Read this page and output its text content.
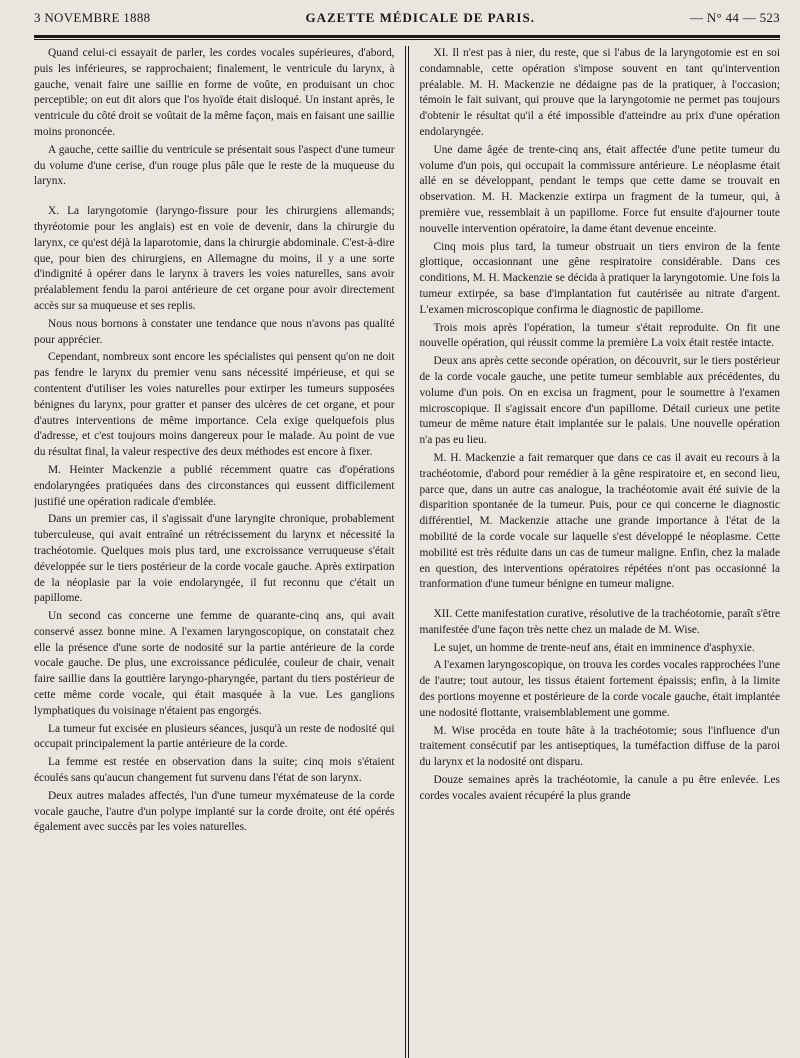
3 NOVEMBRE 1888	GAZETTE MÉDICALE DE PARIS.	— N° 44 — 523

Quand celui-ci essayait de parler, les cordes vocales supérieures, d'abord, puis les inférieures, se rapprochaient; finalement, le ventricule du larynx, à gauche, venait faire une saillie en forme de voûte, en produisant un choc perceptible; on eut dit alors que l'os hyoïde était disloqué. Un instant après, le ventricule du côté droit se voûtait de la même façon, mais en faisant une saillie moins prononcée.

A gauche, cette saillie du ventricule se présentait sous l'aspect d'une tumeur du volume d'une cerise, d'un rouge plus pâle que le reste de la muqueuse du larynx.

X. La laryngotomie (laryngo-fissure pour les chirurgiens allemands; thyréotomie pour les anglais) est en voie de devenir, dans la chirurgie du larynx, ce qu'est déjà la laparotomie, dans la chirurgie abdominale. C'est-à-dire que, pour bien des chirurgiens, en Allemagne du moins, il y a une sorte d'indignité à opérer dans le larynx à travers les voies naturelles, sans avoir préalablement fendu la paroi antérieure de cet organe pour avoir directement accès sur sa muqueuse et ses replis.

Nous nous bornons à constater une tendance que nous n'avons pas qualité pour apprécier.

Cependant, nombreux sont encore les spécialistes qui pensent qu'on ne doit pas fendre le larynx du premier venu sans nécessité impérieuse, et qui se contentent d'utiliser les voies naturelles pour extirper les tumeurs supposées bénignes du larynx, pour gratter et panser des ulcères de cet organe, et pour d'autres interventions de même importance. Cela exige quelquefois plus d'adresse, et c'est toujours moins dangereux pour le malade. Au point de vue du résultat final, la valeur respective des deux méthodes est encore à fixer.

M. Heinter Mackenzie a publié récemment quatre cas d'opérations endolaryngées pratiquées dans des circonstances qui eussent difficilement justifié une opération radicale d'emblée.

Dans un premier cas, il s'agissait d'une laryngite chronique, probablement tuberculeuse, qui avait entraîné un rétrécissement du larynx et nécessité la trachéotomie. Quelques mois plus tard, une excroissance verruqueuse s'était développée sur le tiers postérieur de la corde vocale gauche. Après extirpation de la néoplasie par la voie endolaryngée, il fut reconnu que c'était un papillome.

Un second cas concerne une femme de quarante-cinq ans, qui avait conservé assez bonne mine. A l'examen laryngoscopique, on constatait chez elle la présence d'une sorte de nodosité sur la partie antérieure de la corde vocale gauche. De plus, une excroissance pédiculée, couleur de chair, venait faire saillie dans la gouttière laryngo-pharyngée, partant du tiers postérieur de cette même corde vocale, qui était masquée à la vue. Les ganglions lymphatiques du voisinage n'étaient pas engorgés.

La tumeur fut excisée en plusieurs séances, jusqu'à un reste de nodosité qui occupait principalement la partie antérieure de la corde.

La femme est restée en observation dans la suite; cinq mois s'étaient écoulés sans qu'aucun changement fut survenu dans l'état de son larynx.

Deux autres malades affectés, l'un d'une tumeur myxémateuse de la corde vocale gauche, l'autre d'un polype implanté sur la corde droite, ont été opérés également avec succès par les voies naturelles.

XI. Il n'est pas à nier, du reste, que si l'abus de la laryngotomie est en soi condamnable, cette opération s'impose souvent en tant qu'intervention préalable. M. H. Mackenzie ne dédaigne pas de la pratiquer, à l'occasion; témoin le fait suivant, qui prouve que la laryngotomie ne permet pas toujours d'obtenir le résultat qu'il a été impossible d'atteindre au prix d'une opération endolaryngée.

Une dame âgée de trente-cinq ans, était affectée d'une petite tumeur du volume d'un pois, qui occupait la commissure antérieure. Le néoplasme était allé en se développant, pendant le temps que cette dame se trouvait en observation. M. H. Mackenzie extirpa un fragment de la tumeur, qui, à première vue, ressemblait à un papillome. Force fut ensuite d'ajourner toute nouvelle intervention opératoire, la dame étant devenue enceinte.

Cinq mois plus tard, la tumeur obstruait un tiers environ de la fente glottique, occasionnant une gêne respiratoire considérable. Dans ces conditions, M. H. Mackenzie se décida à pratiquer la laryngotomie. Une fois la tumeur extirpée, sa base d'implantation fut cautérisée au nitrate d'argent. L'examen microscopique confirma le diagnostic de papillome.

Trois mois après l'opération, la tumeur s'était reproduite. On fit une nouvelle opération, qui réussit comme la première La voix était restée intacte.

Deux ans après cette seconde opération, on découvrit, sur le tiers postérieur de la corde vocale gauche, une petite tumeur semblable aux précédentes, du volume d'un pois. On en excisa un fragment, pour le soumettre à l'examen microscopique. Il s'agissait encore d'un papillome. Détail curieux une petite tumeur de même nature était implantée sur le palais. Une nouvelle opération n'a pas eu lieu.

M. H. Mackenzie a fait remarquer que dans ce cas il avait eu recours à la trachéotomie, d'abord pour remédier à la gêne respiratoire et, en second lieu, parce que, dans un autre cas analogue, la trachéotomie avait été suivie de la disparition spontanée de la tumeur. Puis, pour ce qui concerne le diagnostic différentiel, M. Mackenzie attache une grande importance à l'état de la mobilité de la corde vocale sur laquelle s'est développé le néoplasme. Cette mobilité est très réduite dans un cas de tumeur maligne. Enfin, chez la malade en question, des interventions opératoires répétées n'ont pas occasionné la tranformation d'une tumeur bénigne en tumeur maligne.

XII. Cette manifestation curative, résolutive de la trachéotomie, paraît s'être manifestée d'une façon très nette chez un malade de M. Wise.

Le sujet, un homme de trente-neuf ans, était en imminence d'asphyxie.

A l'examen laryngoscopique, on trouva les cordes vocales rapprochées l'une de l'autre; tout autour, les tissus étaient fortement épaissis; enfin, à la limite des portions moyenne et postérieure de la corde vocale gauche, était implantée une nodosité flottante, vraisemblablement une gomme.

M. Wise procéda en toute hâte à la trachéotomie; sous l'influence d'un traitement consécutif par les antiseptiques, la tuméfaction diffuse de la paroi du larynx et la nodosité ont disparu.

Douze semaines après la trachéotomie, la canule a pu être enlevée. Les cordes vocales avaient récupéré la plus grande
